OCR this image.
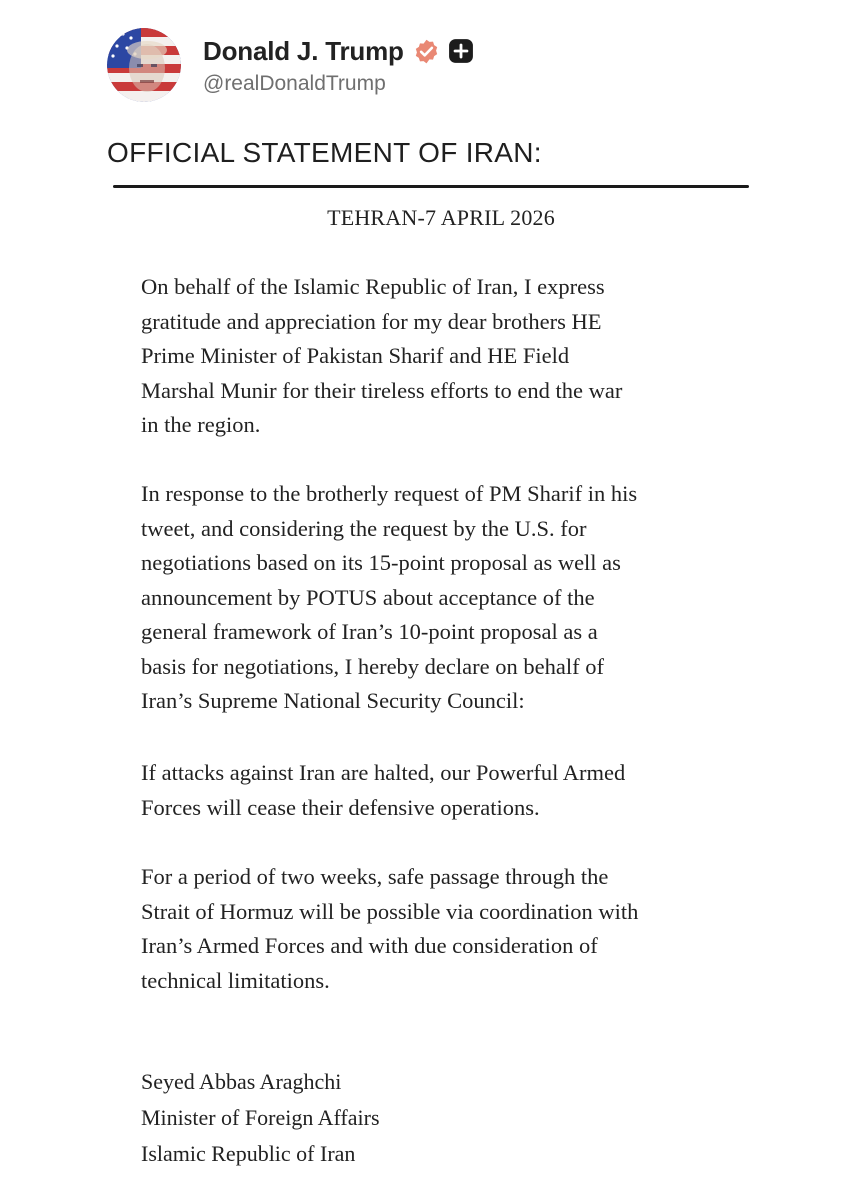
Donald J. Trump
@realDonaldTrump
OFFICIAL STATEMENT OF IRAN:
TEHRAN-7 APRIL 2026

On behalf of the Islamic Republic of Iran, I express
gratitude and appreciation for my dear brothers HE
Prime Minister of Pakistan Sharif and HE Field
Marshal Munir for their tireless efforts to end the war
in the region.

In response to the brotherly request of PM Sharif in his
tweet, and considering the request by the U.S. for
negotiations based on its 15-point proposal as well as
announcement by POTUS about acceptance of the
general framework of Iran’s 10-point proposal as a
basis for negotiations, I hereby declare on behalf of
Iran’s Supreme National Security Council:

If attacks against Iran are halted, our Powerful Armed
Forces will cease their defensive operations.

For a period of two weeks, safe passage through the
Strait of Hormuz will be possible via coordination with
Iran’s Armed Forces and with due consideration of
technical limitations.

Seyed Abbas Araghchi
Minister of Foreign Affairs
Islamic Republic of Iran
